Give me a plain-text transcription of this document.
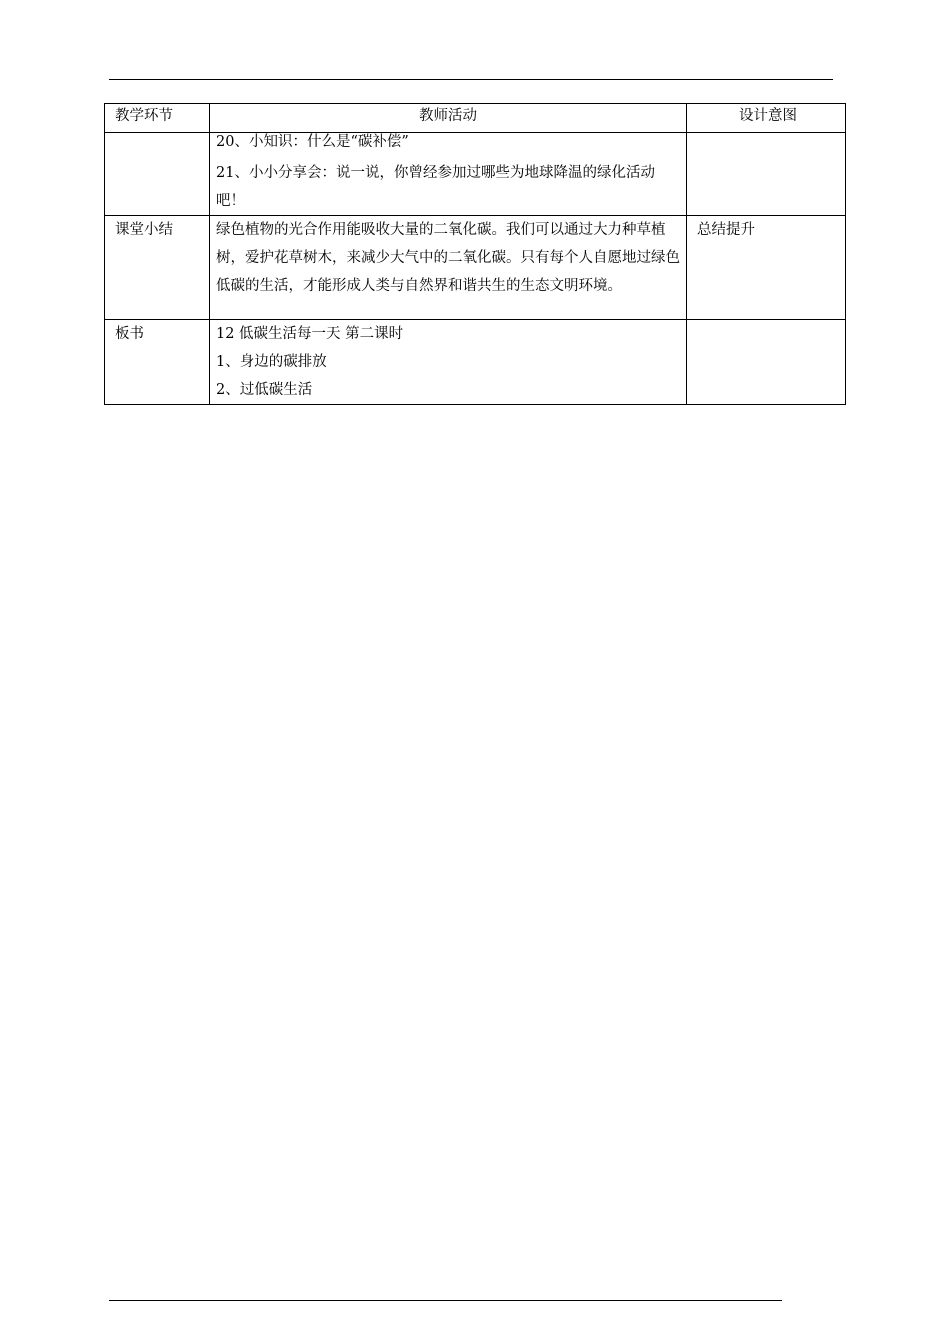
教学环节	教师活动	设计意图

	20、小知识：什么是“碳补偿”
21、小小分享会：说一说，你曾经参加过哪些为地球降温的绿化活动吧！	

课堂小结	绿色植物的光合作用能吸收大量的二氧化碳。我们可以通过大力种草植树，爱护花草树木，来减少大气中的二氧化碳。只有每个人自愿地过绿色低碳的生活，才能形成人类与自然界和谐共生的生态文明环境。	总结提升
板书	12 低碳生活每一天 第二课时
1、身边的碳排放
2、过低碳生活	
